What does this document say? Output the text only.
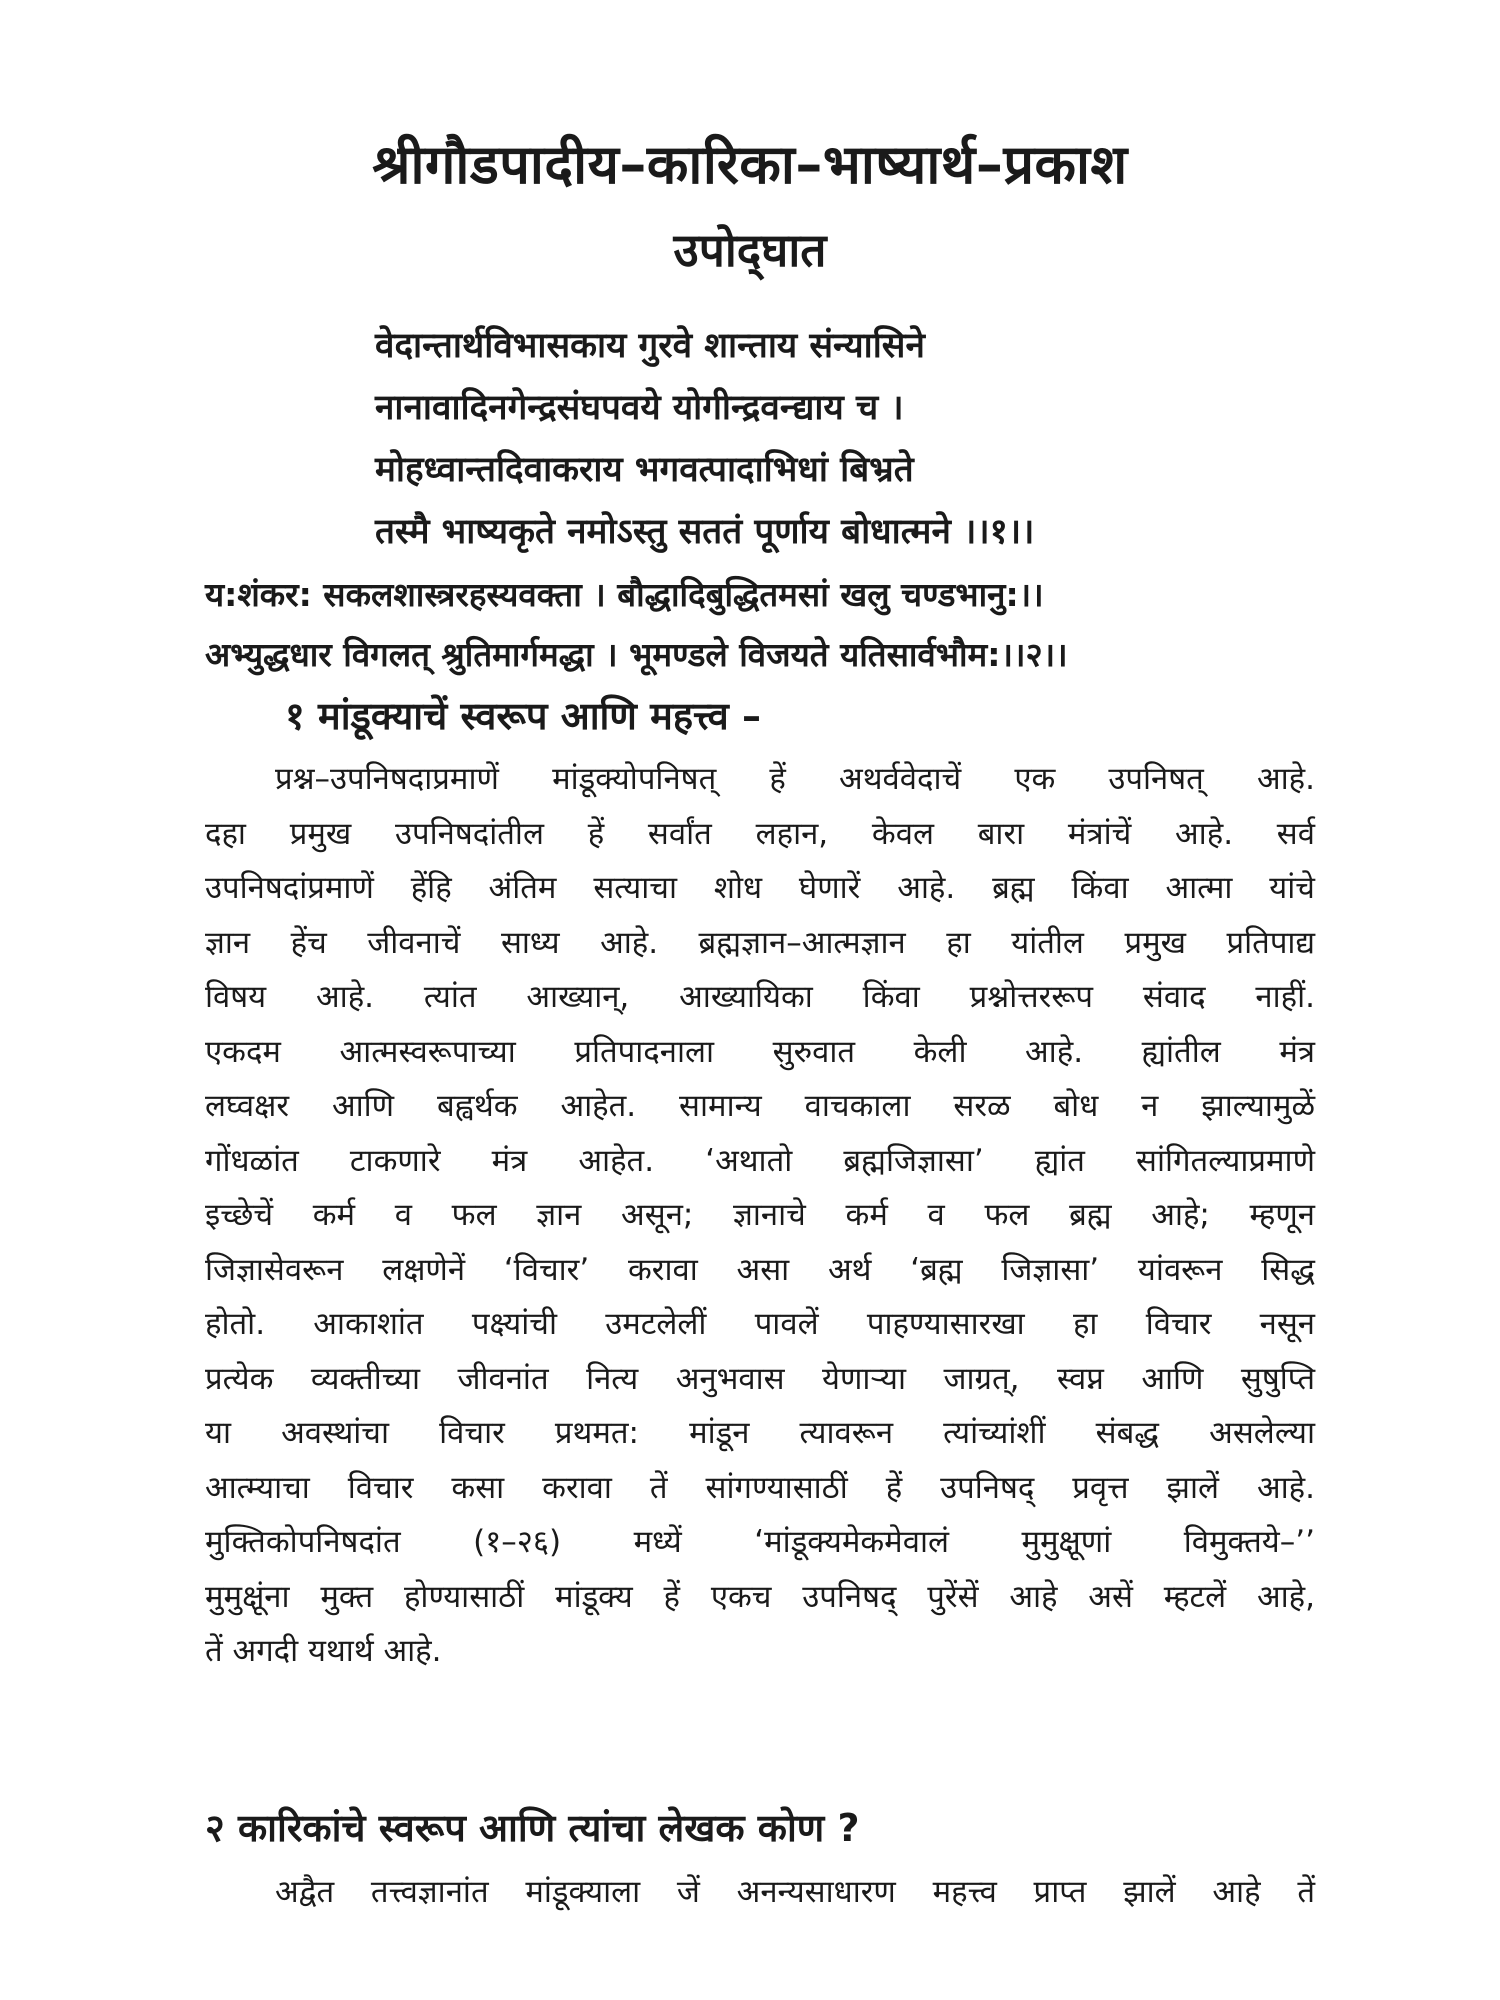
श्रीगौडपादीय–कारिका–भाष्यार्थ–प्रकाश
उपोद्‌घात
वेदान्तार्थविभासकाय गुरवे शान्ताय संन्यासिने
नानावादिनगेन्द्रसंघपवये योगीन्द्रवन्द्याय च ।
मोहध्वान्तदिवाकराय भगवत्पादाभिधां बिभ्रते
तस्मै भाष्यकृते नमोऽस्तु सततं पूर्णाय बोधात्मने ।।१।।
य:शंकर: सकलशास्त्ररहस्यवक्ता । बौद्धादिबुद्धितमसां खलु चण्डभानु:।।
अभ्युद्धधार विगलत्‌ श्रुतिमार्गमद्धा । भूमण्डले विजयते यतिसार्वभौम:।।२।।
१ मांडूक्याचें स्वरूप आणि महत्त्व –
प्रश्न–उपनिषदाप्रमाणें मांडूक्योपनिषत्‌ हें अथर्ववेदाचें एक उपनिषत्‌ आहे.
दहा प्रमुख उपनिषदांतील हें सर्वांत लहान, केवल बारा मंत्रांचें आहे. सर्व
उपनिषदांप्रमाणें हेंहि अंतिम सत्याचा शोध घेणारें आहे. ब्रह्म किंवा आत्मा यांचे
ज्ञान हेंच जीवनाचें साध्य आहे. ब्रह्मज्ञान–आत्मज्ञान हा यांतील प्रमुख प्रतिपाद्य
विषय आहे. त्यांत आख्यान्‌, आख्यायिका किंवा प्रश्नोत्तररूप संवाद नाहीं.
एकदम आत्मस्वरूपाच्या प्रतिपादनाला सुरुवात केली आहे. ह्यांतील मंत्र
लघ्वक्षर आणि बह्वर्थक आहेत. सामान्य वाचकाला सरळ बोध न झाल्यामुळें
गोंधळांत टाकणारे मंत्र आहेत. ‘अथातो ब्रह्मजिज्ञासा’ ह्यांत सांगितल्याप्रमाणे
इच्छेचें कर्म व फल ज्ञान असून; ज्ञानाचे कर्म व फल ब्रह्म आहे; म्हणून
जिज्ञासेवरून लक्षणेनें ‘विचार’ करावा असा अर्थ ‘ब्रह्म जिज्ञासा’ यांवरून सिद्ध
होतो. आकाशांत पक्ष्यांची उमटलेलीं पावलें पाहण्यासारखा हा विचार नसून
प्रत्येक व्यक्तीच्या जीवनांत नित्य अनुभवास येणाऱ्या जाग्रत्‌, स्वप्न आणि सुषुप्ति
या अवस्थांचा विचार प्रथमत: मांडून त्यावरून त्यांच्यांशीं संबद्ध असलेल्या
आत्म्याचा विचार कसा करावा तें सांगण्यासाठीं हें उपनिषद्‌ प्रवृत्त झालें आहे.
मुक्तिकोपनिषदांत (१–२६) मध्यें ‘मांडूक्यमेकमेवालं मुमुक्षूणां विमुक्तये–’’
मुमुक्षूंना मुक्त होण्यासाठीं मांडूक्य हें एकच उपनिषद्‌ पुरेंसें आहे असें म्हटलें आहे,
तें अगदी यथार्थ आहे.
२ कारिकांचे स्वरूप आणि त्यांचा लेखक कोण ?
अद्वैत तत्त्वज्ञानांत मांडूक्याला जें अनन्यसाधारण महत्त्व प्राप्त झालें आहे तें
